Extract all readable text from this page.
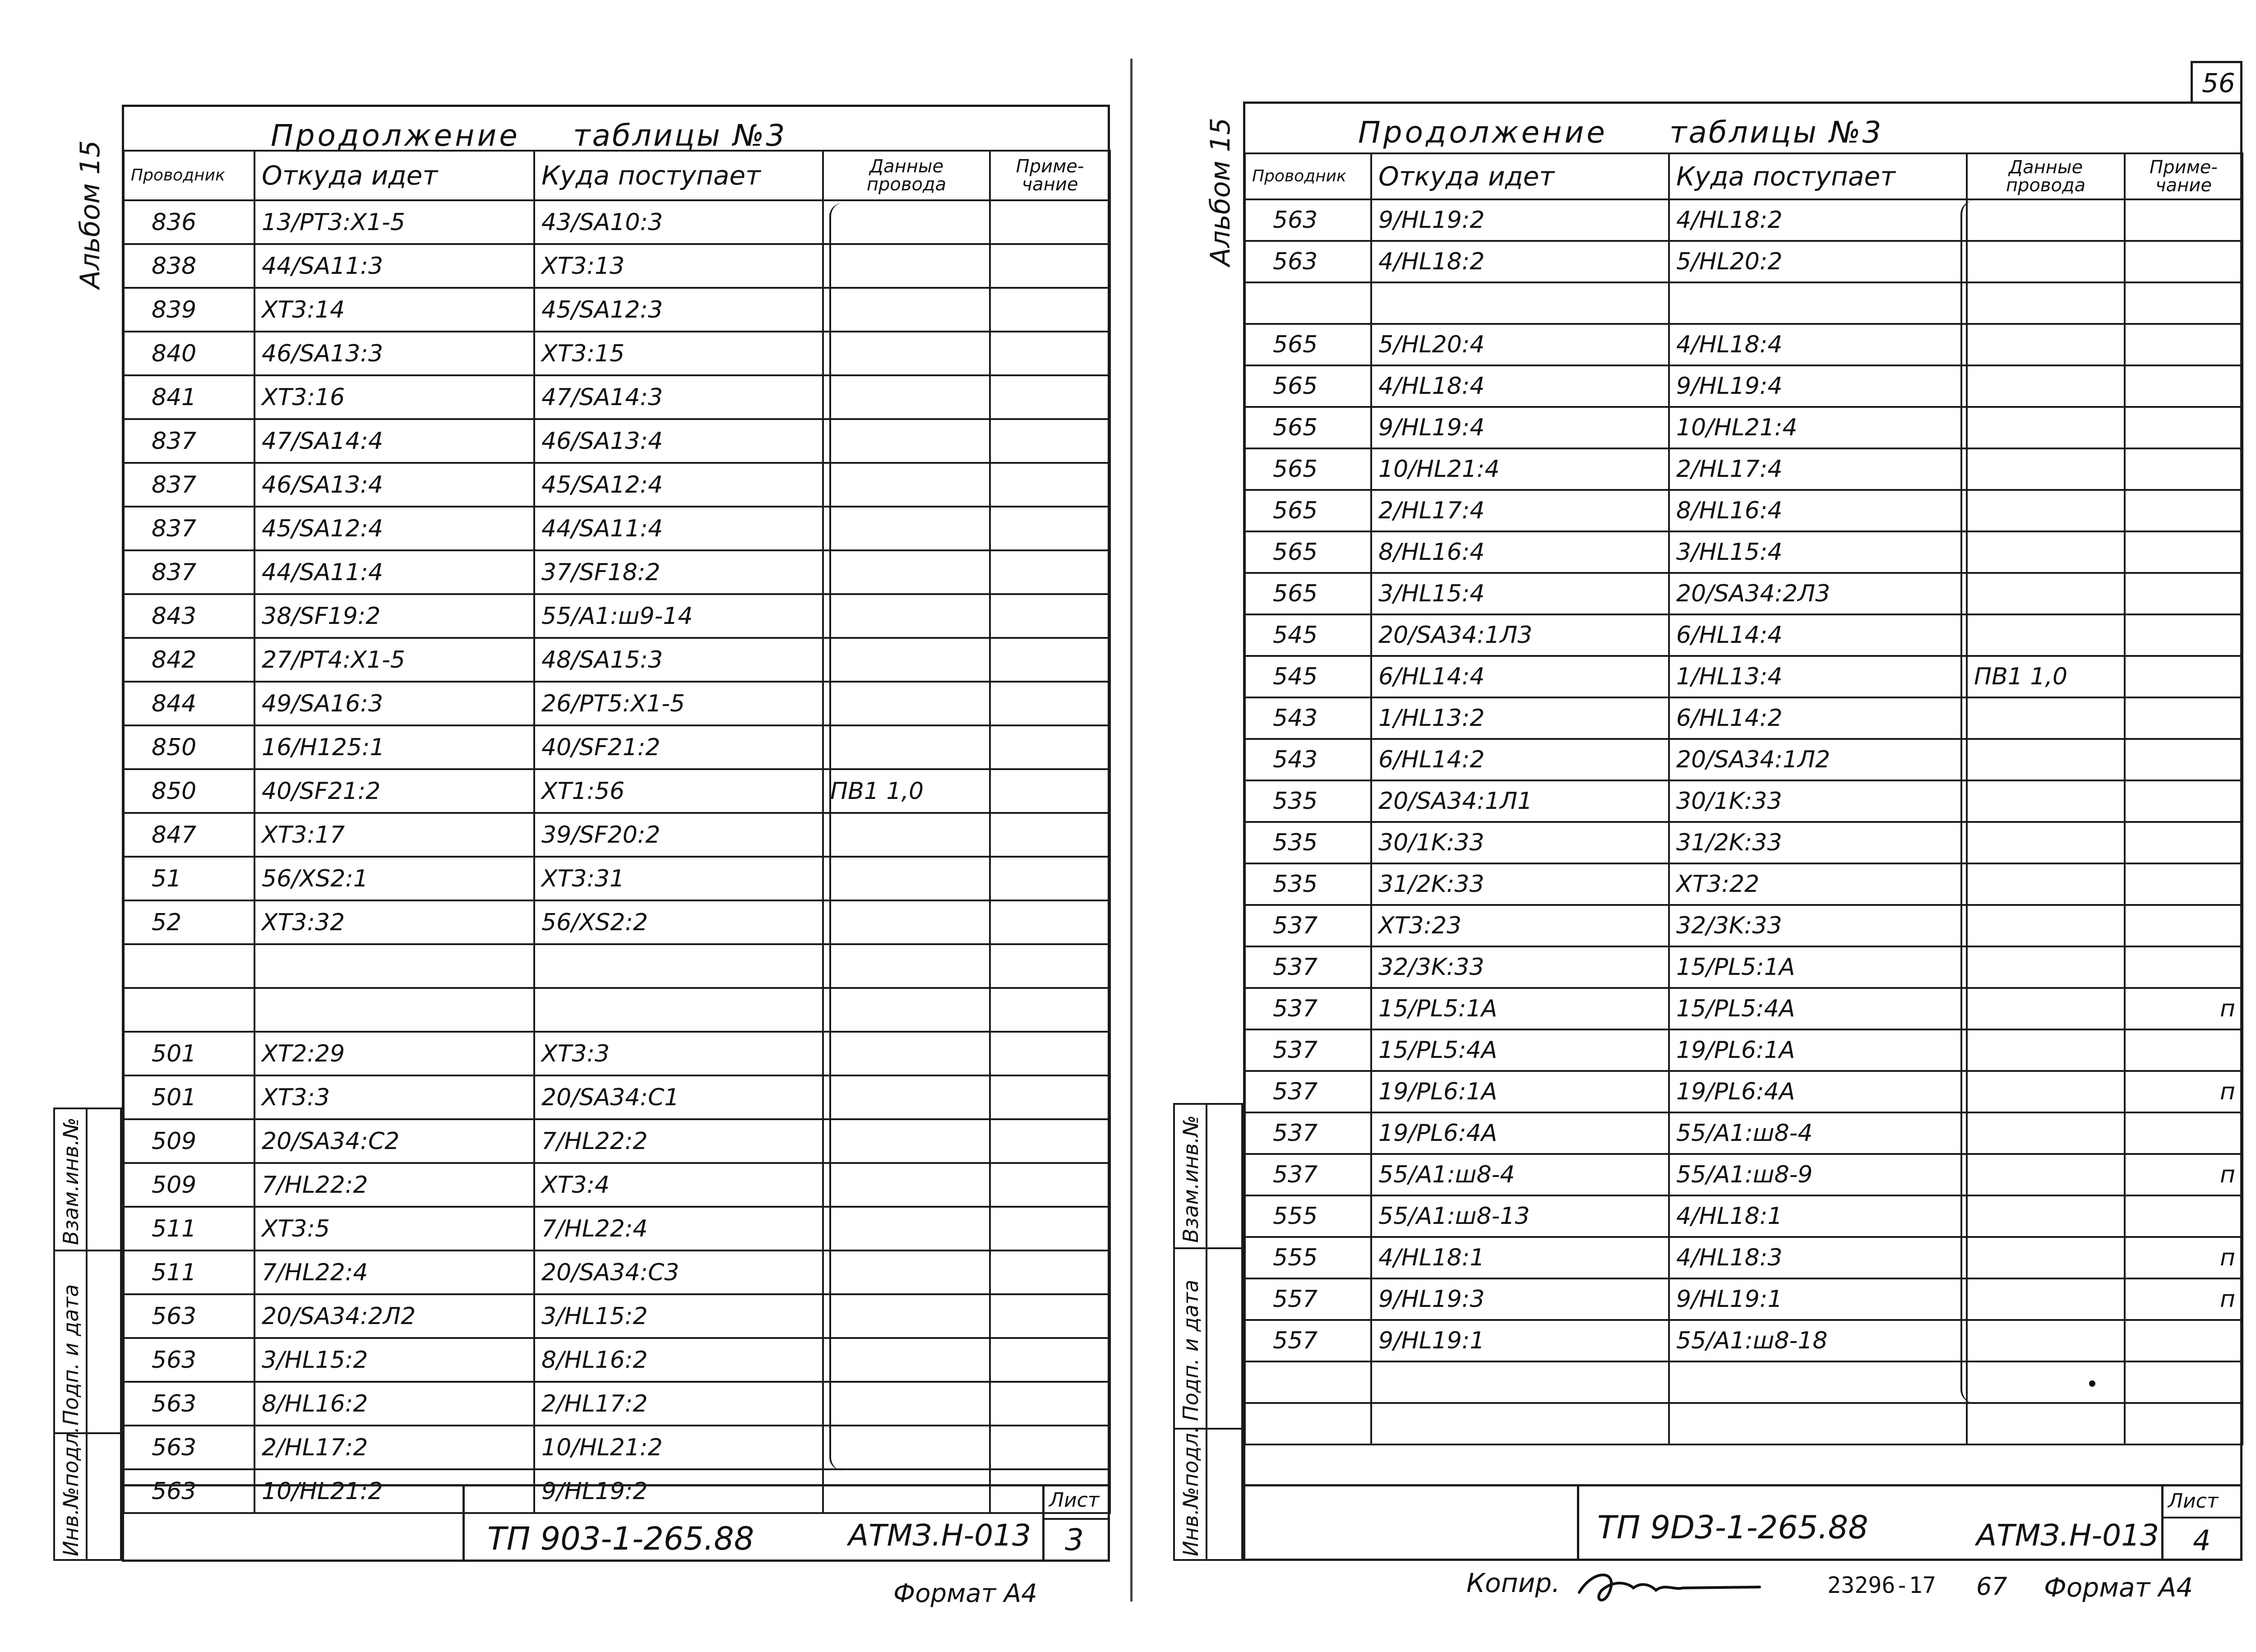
Альбом 15
Продолжение таблицы №3
Проводник	Откуда идет	Куда поступает	Данные провода	Приме-чание
836	13/PT3:X1-5	43/SA10:3		
838	44/SA11:3	XT3:13		
839	XT3:14	45/SA12:3		
840	46/SA13:3	XT3:15		
841	XT3:16	47/SA14:3		
837	47/SA14:4	46/SA13:4		
837	46/SA13:4	45/SA12:4		
837	45/SA12:4	44/SA11:4		
837	44/SA11:4	37/SF18:2		
843	38/SF19:2	55/A1:ш9-14		
842	27/PT4:X1-5	48/SA15:3		
844	49/SA16:3	26/PT5:X1-5		
850	16/H125:1	40/SF21:2		
850	40/SF21:2	XT1:56	ПВ1 1,0	
847	XT3:17	39/SF20:2		
51	56/XS2:1	XT3:31		
52	XT3:32	56/XS2:2		

501	XT2:29	XT3:3		
501	XT3:3	20/SA34:C1		
509	20/SA34:C2	7/HL22:2		
509	7/HL22:2	XT3:4		
511	XT3:5	7/HL22:4		
511	7/HL22:4	20/SA34:C3		
563	20/SA34:2Л2	3/HL15:2		
563	3/HL15:2	8/HL16:2		
563	8/HL16:2	2/HL17:2		
563	2/HL17:2	10/HL21:2		
563	10/HL21:2	9/HL19:2		
Взам.инв.№
Подп. и дата
Инв.№подл.	ТП 903-1-265.88	АТМЗ.Н-013
Лист
3
Формат А4
56
Альбом 15	Продолжение таблицы №3
Проводник	Откуда идет	Куда поступает	Данные провода	Приме-чание
563	9/HL19:2	4/HL18:2		
563	4/HL18:2	5/HL20:2		

565	5/HL20:4	4/HL18:4		
565	4/HL18:4	9/HL19:4		
565	9/HL19:4	10/HL21:4		
565	10/HL21:4	2/HL17:4		
565	2/HL17:4	8/HL16:4		
565	8/HL16:4	3/HL15:4		
565	3/HL15:4	20/SA34:2Л3		
545	20/SA34:1Л3	6/HL14:4		
545	6/HL14:4	1/HL13:4	ПВ1 1,0	
543	1/HL13:2	6/HL14:2		
543	6/HL14:2	20/SA34:1Л2		
535	20/SA34:1Л1	30/1K:33		
535	30/1K:33	31/2K:33		
535	31/2K:33	XT3:22		
537	XT3:23	32/3K:33		
537	32/3K:33	15/PL5:1A		
537	15/PL5:1A	15/PL5:4A		п
537	15/PL5:4A	19/PL6:1A		
537	19/PL6:1A	19/PL6:4A		п
537	19/PL6:4A	55/A1:ш8-4		
537	55/A1:ш8-4	55/A1:ш8-9		п
555	55/A1:ш8-13	4/HL18:1		
555	4/HL18:1	4/HL18:3		п
557	9/HL19:3	9/HL19:1		п
557	9/HL19:1	55/A1:ш8-18		

Взам.инв.№
Подп. и дата
Инв.№подл.	ТП 9D3-1-265.88	АТМЗ.Н-013
Лист
4
Копир.	23296-17 67 Формат А4
